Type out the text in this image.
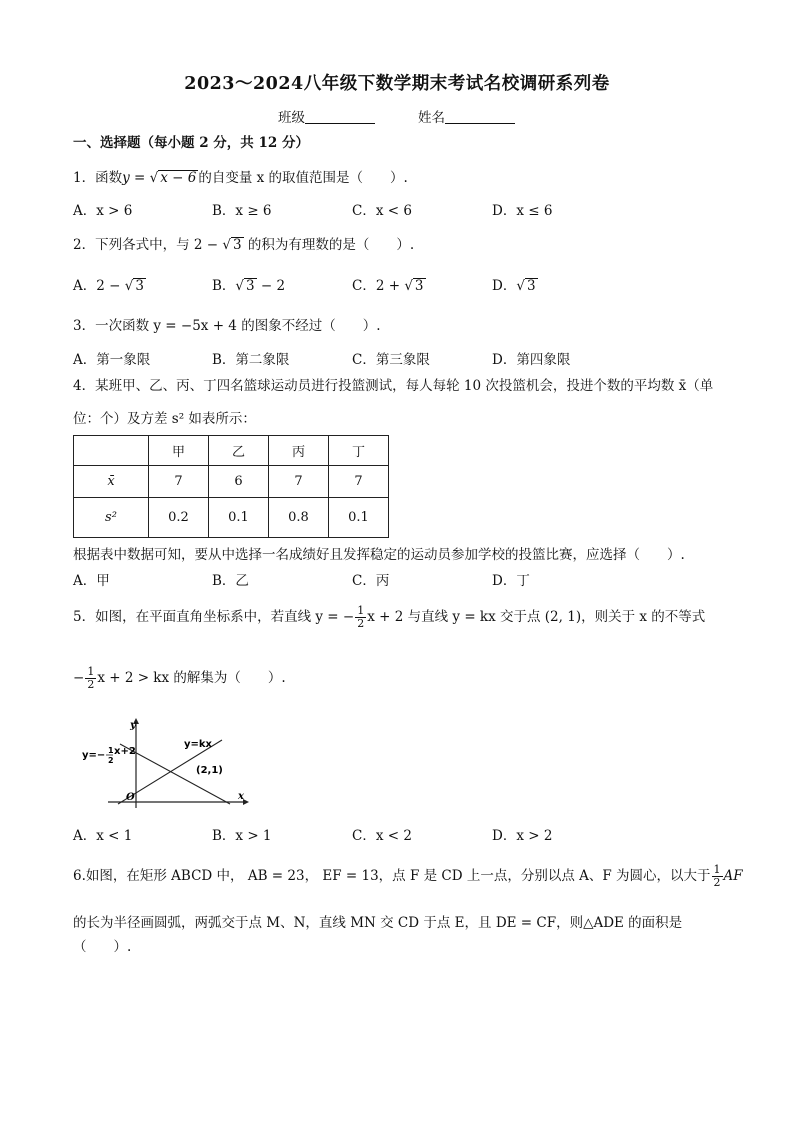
2023～2024八年级下数学期末考试名校调研系列卷
班级	姓名
一、选择题（每小题 2 分，共 12 分）
1．函数y = √ x − 6 的自变量 x 的取值范围是（　　）.
A．x > 6	B．x ≥ 6	C．x < 6	D．x ≤ 6
2．下列各式中，与 2 − √ 3 的积为有理数的是（　　）.
A．2 − √ 3	B．√ 3 − 2	C．2 + √ 3	D．√ 3
3．一次函数 y = −5x + 4 的图象不经过（　　）.
A．第一象限	B．第二象限	C．第三象限	D．第四象限
4．某班甲、乙、丙、丁四名篮球运动员进行投篮测试，每人每轮 10 次投篮机会，投进个数的平均数 x̄（单
位：个）及方差 s² 如表所示：
	甲	乙	丙	丁
x̄	7	6	7	7
s²	0.2	0.1	0.8	0.1
根据表中数据可知，要从中选择一名成绩好且发挥稳定的运动员参加学校的投篮比赛，应选择（　　）.
A．甲	B．乙	C．丙	D．丁
5．如图，在平面直角坐标系中，若直线 y = − $\frac{1}{2}$ x + 2 与直线 y = kx 交于点 (2, 1)，则关于 x 的不等式
− $\frac{1}{2}$ x + 2 > kx 的解集为（　　）.
y
x
O
y=− 1
2
x+2
y=kx
(2,1)
A．x < 1	B．x > 1	C．x < 2	D．x > 2
6.如图，在矩形 ABCD 中， AB = 23， EF = 13，点 F 是 CD 上一点，分别以点 A、F 为圆心，以大于 $\frac{1}{2}$ AF
的长为半径画圆弧，两弧交于点 M、N，直线 MN 交 CD 于点 E，且 DE = CF，则△ADE 的面积是
（　　）.
